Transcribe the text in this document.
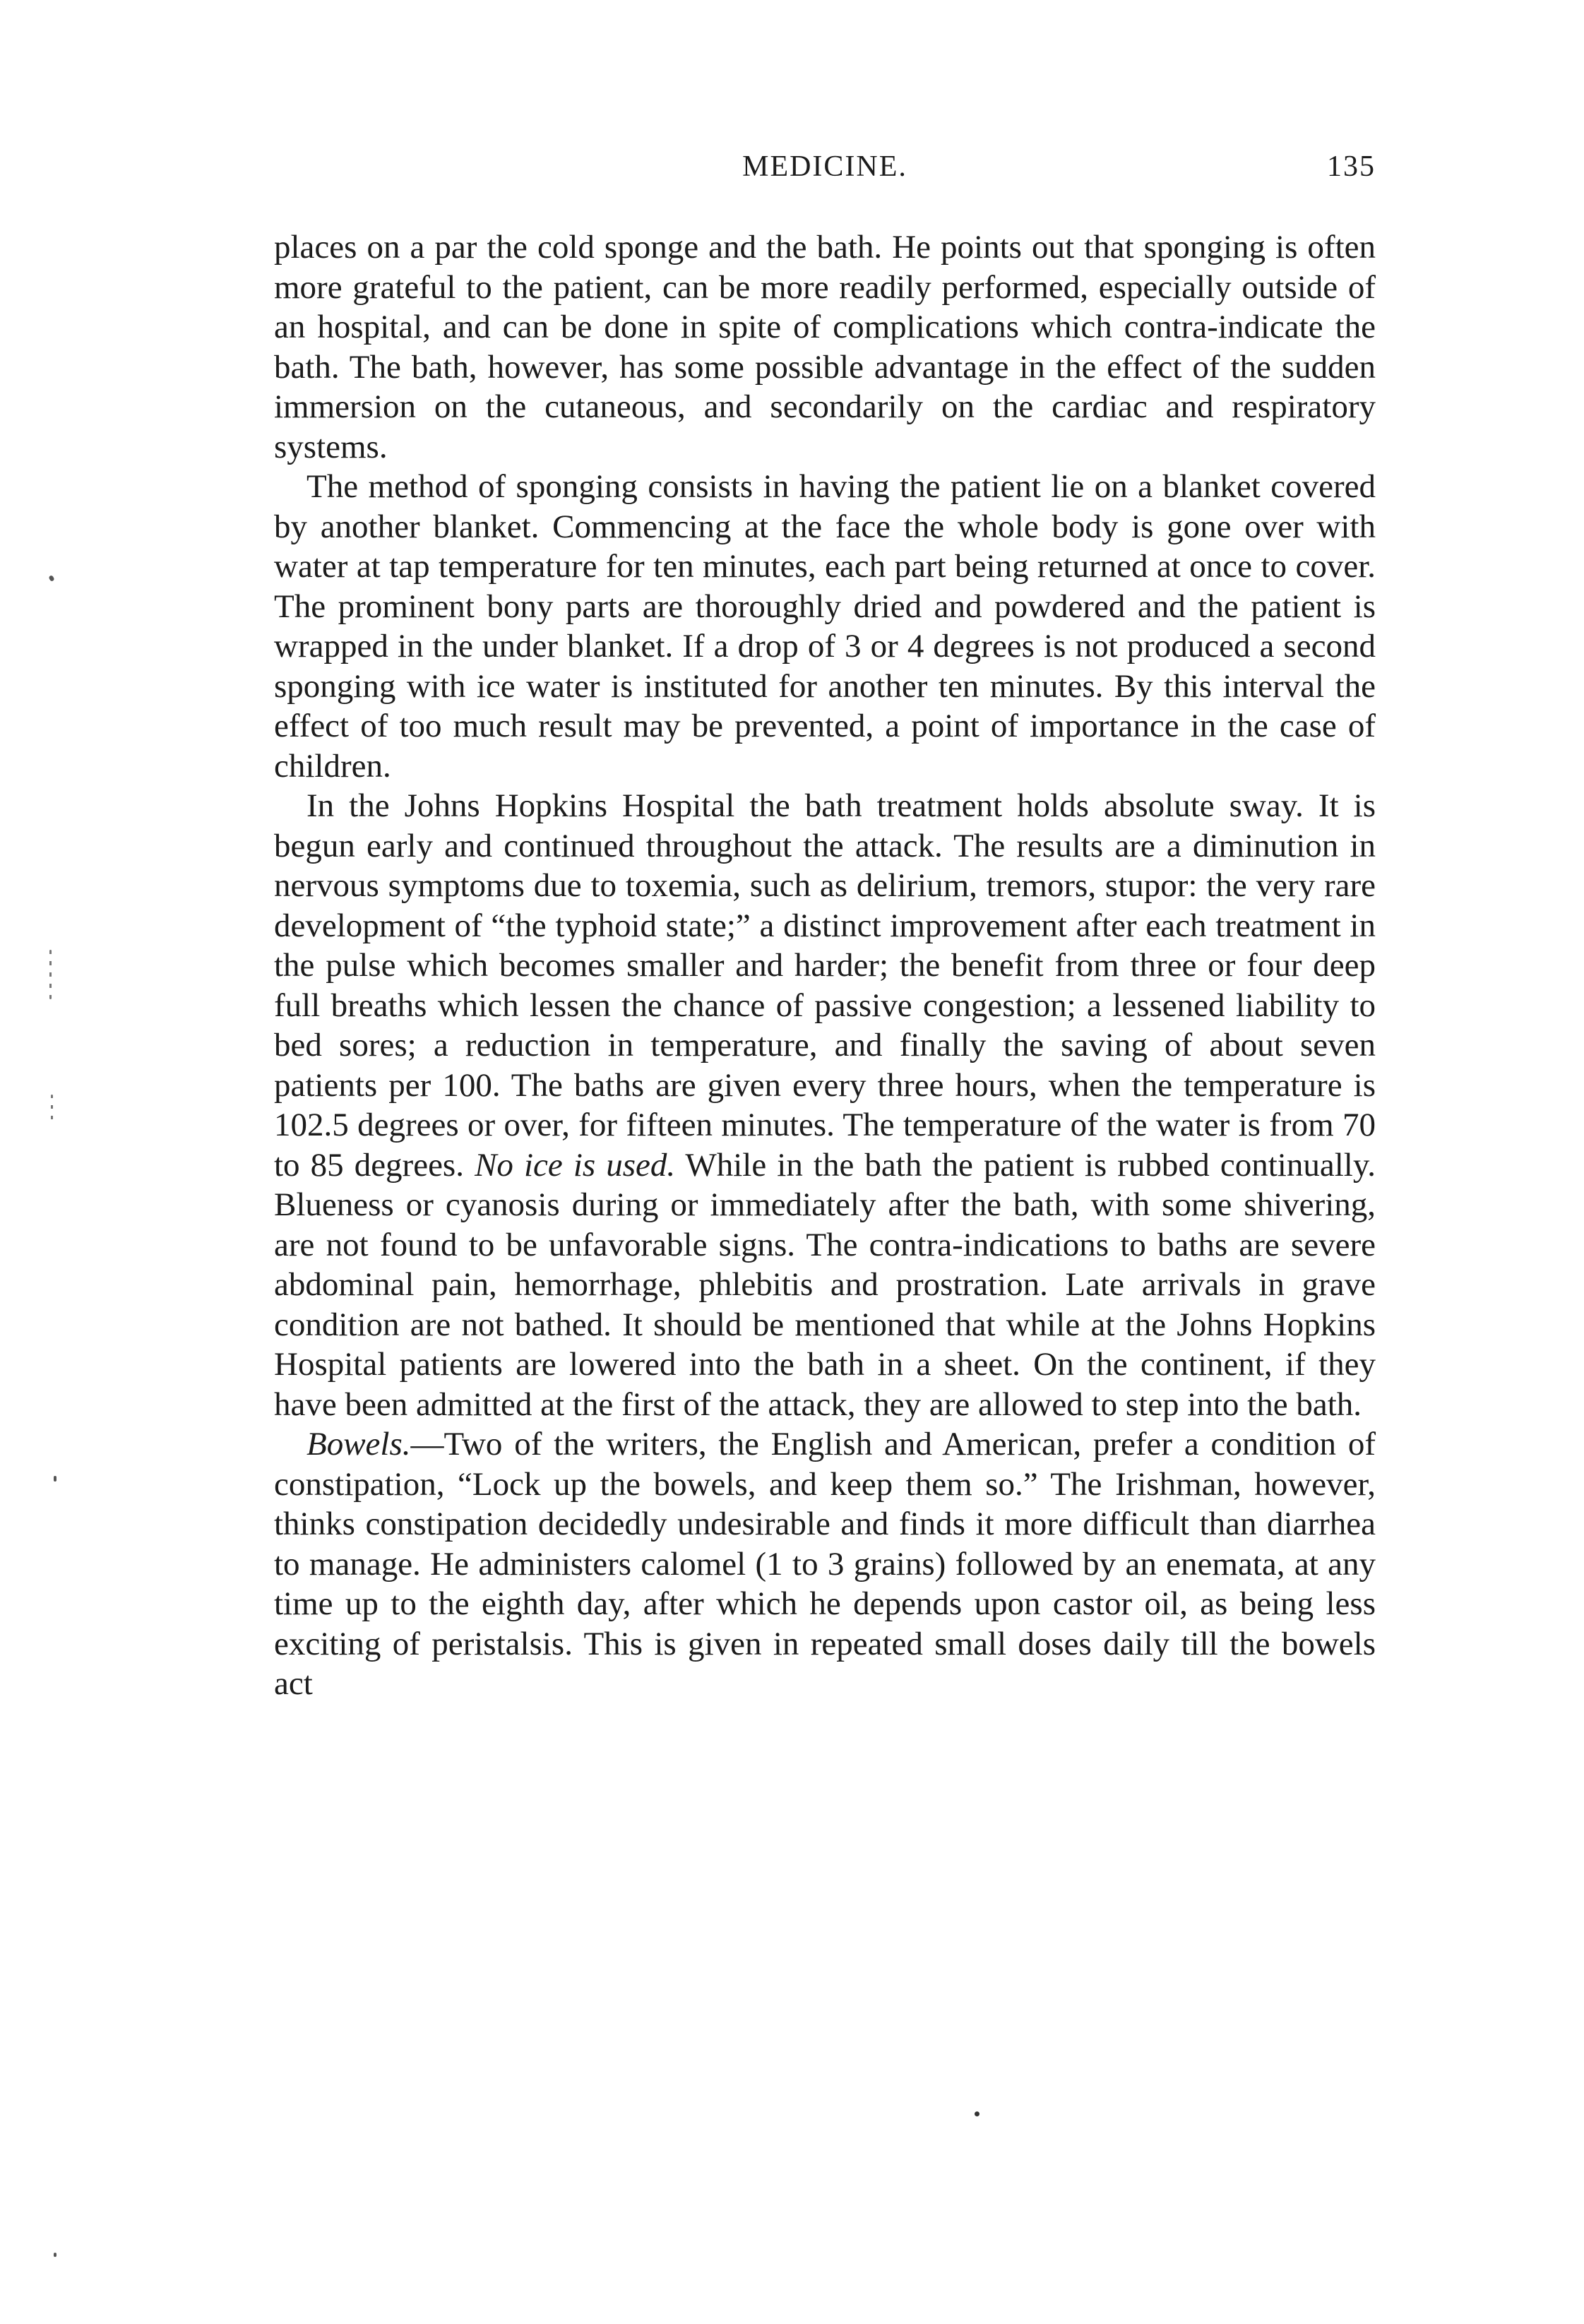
MEDICINE.	135

places on a par the cold sponge and the bath. He points out that sponging is often more grateful to the patient, can be more readily performed, especially outside of an hospital, and can be done in spite of complications which contra-indicate the bath. The bath, however, has some possible advantage in the effect of the sudden immersion on the cutaneous, and secondarily on the cardiac and respiratory systems.

The method of sponging consists in having the patient lie on a blanket covered by another blanket. Commencing at the face the whole body is gone over with water at tap temperature for ten minutes, each part being returned at once to cover. The prominent bony parts are thoroughly dried and powdered and the patient is wrapped in the under blanket. If a drop of 3 or 4 degrees is not produced a second sponging with ice water is instituted for another ten minutes. By this interval the effect of too much result may be prevented, a point of importance in the case of children.

In the Johns Hopkins Hospital the bath treatment holds absolute sway. It is begun early and continued throughout the attack. The results are a diminution in nervous symptoms due to toxemia, such as delirium, tremors, stupor: the very rare development of “the typhoid state;” a distinct improvement after each treatment in the pulse which becomes smaller and harder; the benefit from three or four deep full breaths which lessen the chance of passive congestion; a lessened liability to bed sores; a reduction in temperature, and finally the saving of about seven patients per 100. The baths are given every three hours, when the temperature is 102.5 degrees or over, for fifteen minutes. The temperature of the water is from 70 to 85 degrees. No ice is used. While in the bath the patient is rubbed continually. Blueness or cyanosis during or immediately after the bath, with some shivering, are not found to be unfavorable signs. The contra-indications to baths are severe abdominal pain, hemorrhage, phlebitis and prostration. Late arrivals in grave condition are not bathed. It should be mentioned that while at the Johns Hopkins Hospital patients are lowered into the bath in a sheet. On the continent, if they have been admitted at the first of the attack, they are allowed to step into the bath.

Bowels.—Two of the writers, the English and American, prefer a condition of constipation, “Lock up the bowels, and keep them so.” The Irishman, however, thinks constipation decidedly undesirable and finds it more difficult than diarrhea to manage. He administers calomel (1 to 3 grains) followed by an enemata, at any time up to the eighth day, after which he depends upon castor oil, as being less exciting of peristalsis. This is given in repeated small doses daily till the bowels act
